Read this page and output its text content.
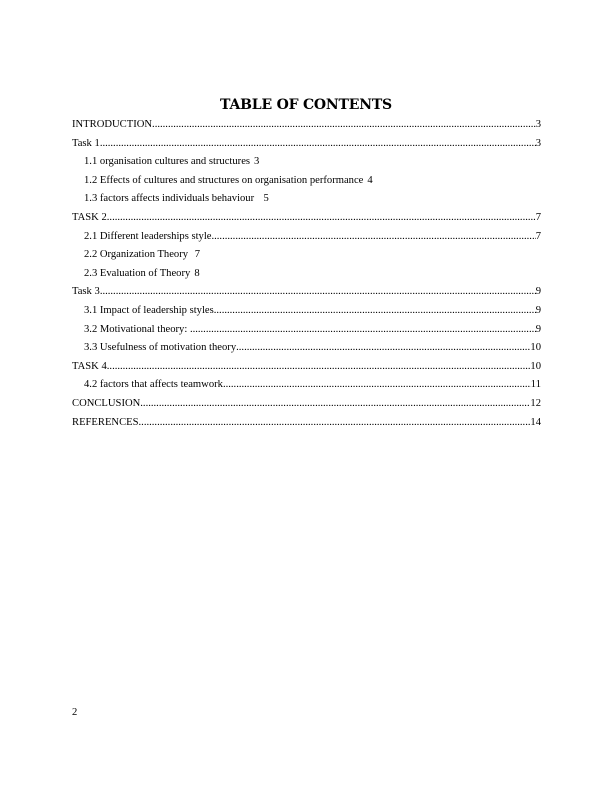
TABLE OF CONTENTS
INTRODUCTION .....	3
Task 1 .....	3
1.1 organisation cultures and structures 3
1.2 Effects of cultures and structures on organisation performance 4
1.3 factors affects individuals behaviour 5
TASK 2 .....	7
2.1 Different leaderships style .....	7
2.2 Organization Theory 7
2.3 Evaluation of Theory 8
Task 3 .....	9
3.1 Impact of leadership styles .....	9
3.2 Motivational theory: .....	9
3.3 Usefulness of motivation theory .....	10
TASK 4 .....	10
4.2 factors that affects teamwork .....	11
CONCLUSION .....	12
REFERENCES .....	14
2
